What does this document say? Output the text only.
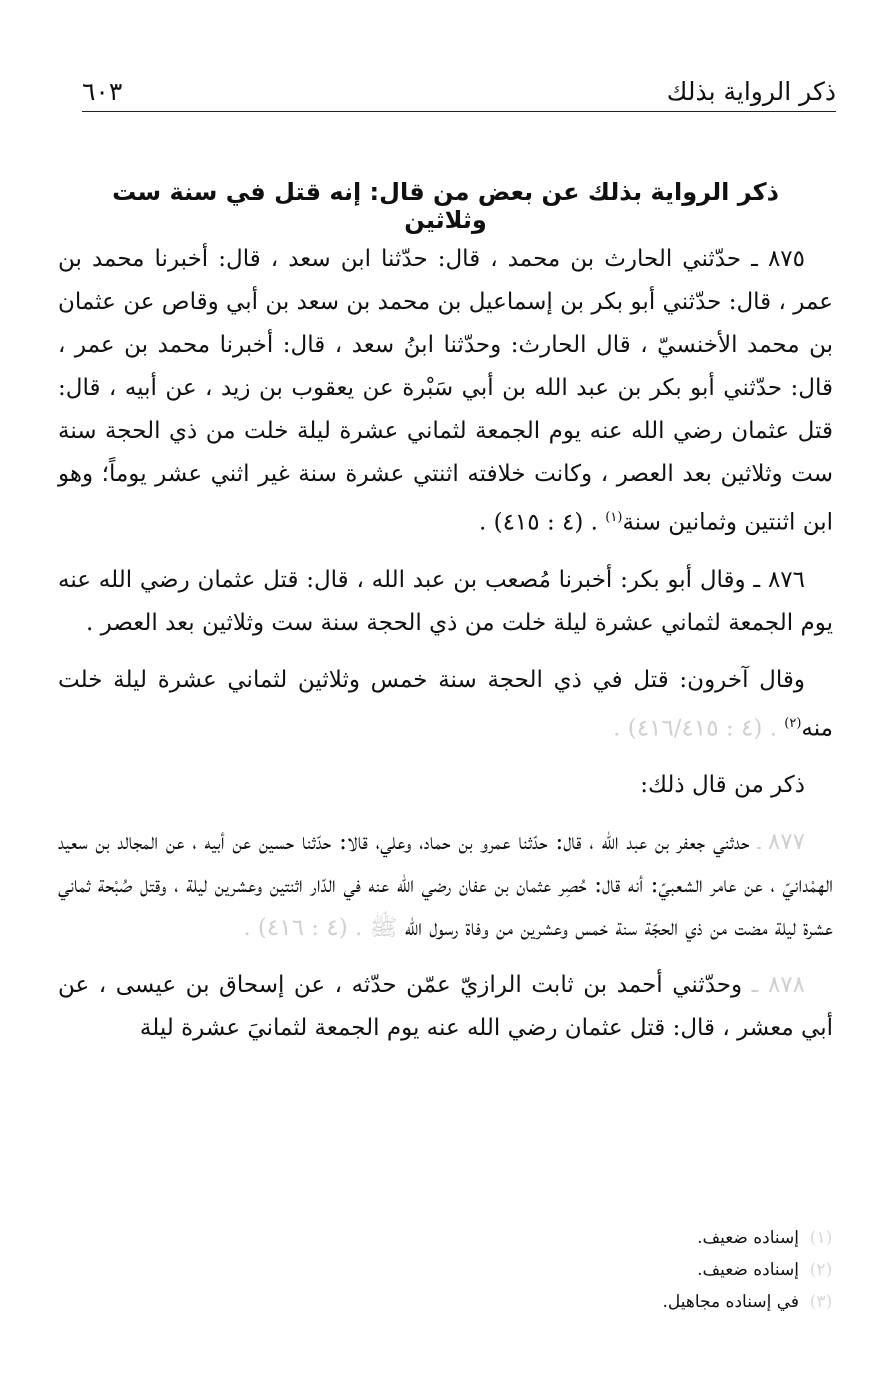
ذكر الرواية بذلك
٦٠٣
ذكر الرواية بذلك عن بعض من قال: إنه قتل في سنة ست وثلاثين

٨٧٥ ـ حدّثني الحارث بن محمد ، قال: حدّثنا ابن سعد ، قال: أخبرنا محمد بن عمر ، قال: حدّثني أبو بكر بن إسماعيل بن محمد بن سعد بن أبي وقاص عن عثمان بن محمد الأخنسيّ ، قال الحارث: وحدّثنا ابنُ سعد ، قال: أخبرنا محمد بن عمر ، قال: حدّثني أبو بكر بن عبد الله بن أبي سَبْرة عن يعقوب بن زيد ، عن أبيه ، قال: قتل عثمان رضي الله عنه يوم الجمعة لثماني عشرة ليلة خلت من ذي الحجة سنة ست وثلاثين بعد العصر ، وكانت خلافته اثنتي عشرة سنة غير اثني عشر يوماً؛ وهو ابن اثنتين وثمانين سنة$^{(١)}$ . (٤ : ٤١٥) .

٨٧٦ ـ وقال أبو بكر: أخبرنا مُصعب بن عبد الله ، قال: قتل عثمان رضي الله عنه يوم الجمعة لثماني عشرة ليلة خلت من ذي الحجة سنة ست وثلاثين بعد العصر .

وقال آخرون: قتل في ذي الحجة سنة خمس وثلاثين لثماني عشرة ليلة خلت منه$^{(٢)}$ . (٤ : ٤١٦/٤١٥) .

ذكر من قال ذلك:

٨٧٧ ـ حدثني جعفر بن عبد الله ، قال: حدّثنا عمرو بن حماد، وعلي، قالا: حدّثنا حسين عن أبيه ، عن المجالد بن سعيد الهمْدانيّ ، عن عامر الشعبيّ: أنه قال: حُصِر عثمان بن عفان رضي الله عنه في الدّار اثنتين وعشرين ليلة ، وقتل صُبْحة ثماني عشرة ليلة مضت من ذي الحجّة سنة خمس وعشرين من وفاة رسول الله ﷺ . (٤ : ٤١٦) .

٨٧٨ ـ وحدّثني أحمد بن ثابت الرازيّ عمّن حدّثه ، عن إسحاق بن عيسى ، عن أبي معشر ، قال: قتل عثمان رضي الله عنه يوم الجمعة لثمانيَ عشرة ليلة

(١)
إسناده ضعيف.
(٢)
إسناده ضعيف.
(٣)
في إسناده مجاهيل.
